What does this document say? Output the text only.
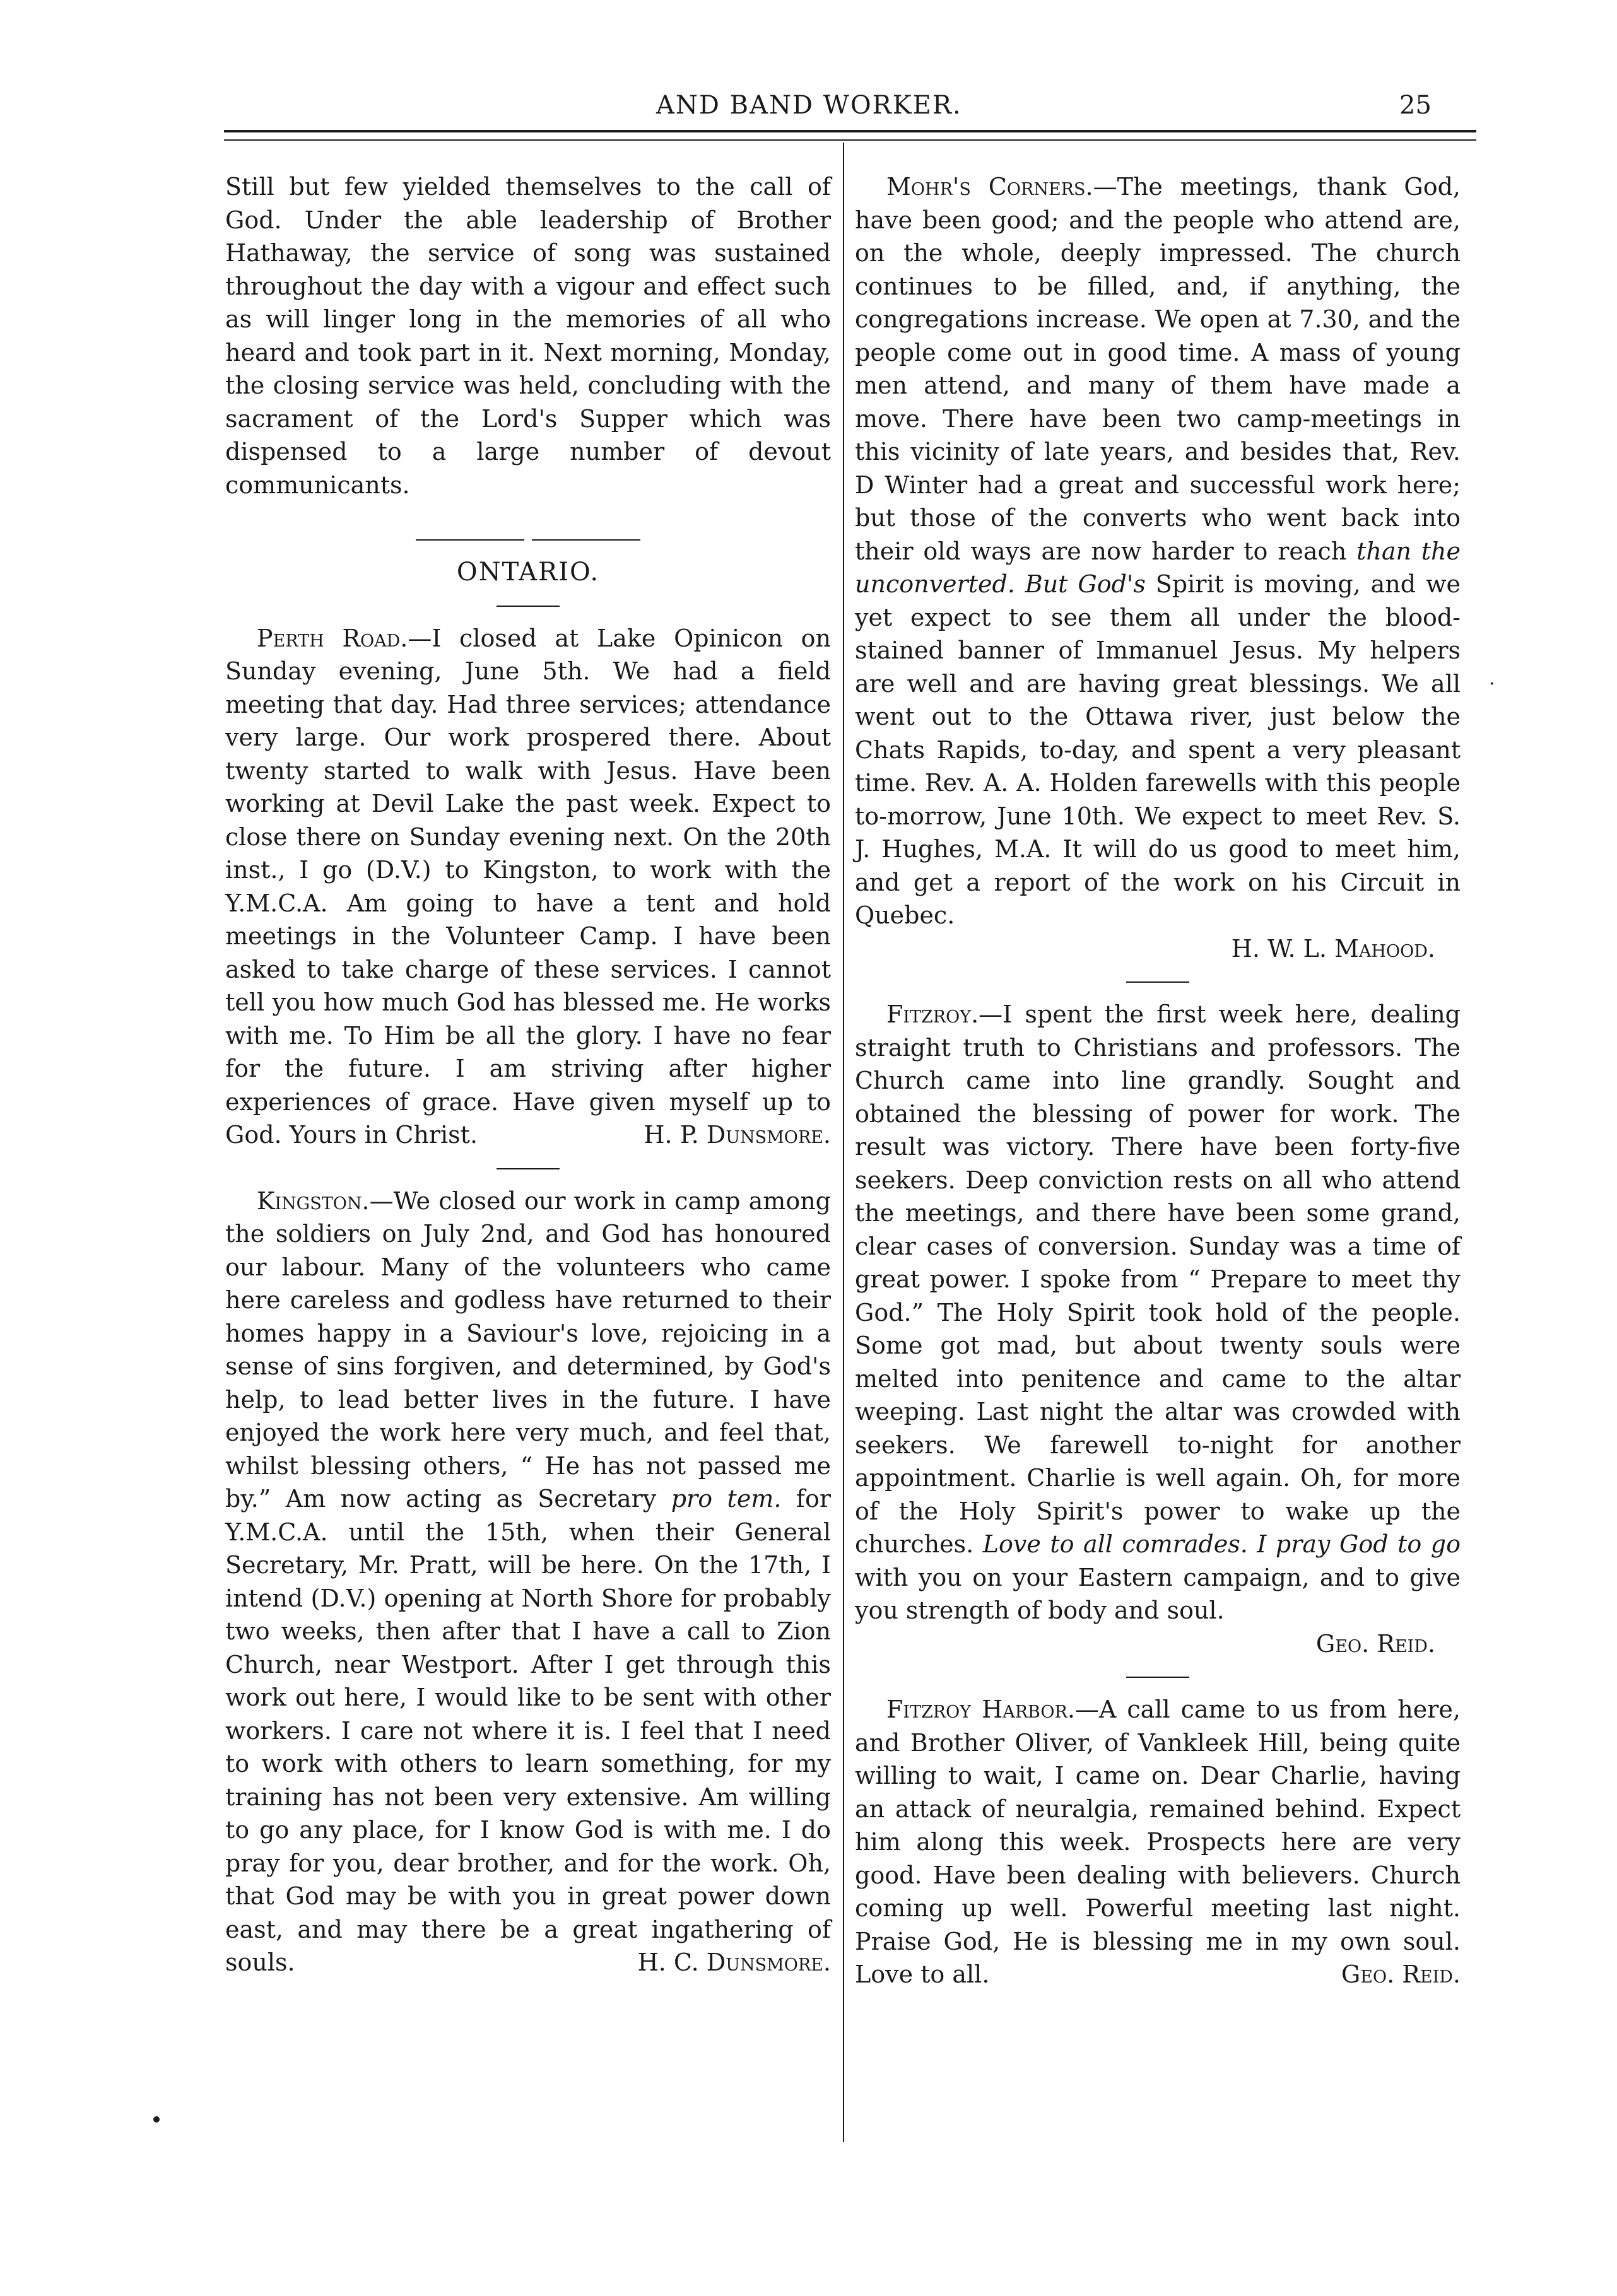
AND BAND WORKER.	25

Still but few yielded themselves to the call of God. Under the able leadership of Brother Hathaway, the service of song was sustained throughout the day with a vigour and effect such as will linger long in the memories of all who heard and took part in it. Next morning, Monday, the closing service was held, concluding with the sacrament of the Lord's Supper which was dispensed to a large number of devout communicants.

ONTARIO.

Perth Road.—I closed at Lake Opinicon on Sunday evening, June 5th. We had a field meeting that day. Had three services; attendance very large. Our work prospered there. About twenty started to walk with Jesus. Have been working at Devil Lake the past week. Expect to close there on Sunday evening next. On the 20th inst., I go (D.V.) to Kingston, to work with the Y.M.C.A. Am going to have a tent and hold meetings in the Volunteer Camp. I have been asked to take charge of these services. I cannot tell you how much God has blessed me. He works with me. To Him be all the glory. I have no fear for the future. I am striving after higher experiences of grace. Have given myself up to God. Yours in Christ.	H. P. Dunsmore.

Kingston.—We closed our work in camp among the soldiers on July 2nd, and God has honoured our labour. Many of the volunteers who came here careless and godless have returned to their homes happy in a Saviour's love, rejoicing in a sense of sins forgiven, and determined, by God's help, to lead better lives in the future. I have enjoyed the work here very much, and feel that, whilst blessing others, “ He has not passed me by.” Am now acting as Secretary pro tem. for Y.M.C.A. until the 15th, when their General Secretary, Mr. Pratt, will be here. On the 17th, I intend (D.V.) opening at North Shore for probably two weeks, then after that I have a call to Zion Church, near Westport. After I get through this work out here, I would like to be sent with other workers. I care not where it is. I feel that I need to work with others to learn something, for my training has not been very extensive. Am willing to go any place, for I know God is with me. I do pray for you, dear brother, and for the work. Oh, that God may be with you in great power down east, and may there be a great ingathering of souls.	H. C. Dunsmore.

Mohr's Corners.—The meetings, thank God, have been good; and the people who attend are, on the whole, deeply impressed. The church continues to be filled, and, if anything, the congregations increase. We open at 7.30, and the people come out in good time. A mass of young men attend, and many of them have made a move. There have been two camp-meetings in this vicinity of late years, and besides that, Rev. D Winter had a great and successful work here; but those of the converts who went back into their old ways are now harder to reach than the unconverted. But God's Spirit is moving, and we yet expect to see them all under the blood-stained banner of Immanuel Jesus. My helpers are well and are having great blessings. We all went out to the Ottawa river, just below the Chats Rapids, to-day, and spent a very pleasant time. Rev. A. A. Holden farewells with this people to-morrow, June 10th. We expect to meet Rev. S. J. Hughes, M.A. It will do us good to meet him, and get a report of the work on his Circuit in Quebec.

H. W. L. Mahood.

Fitzroy.—I spent the first week here, dealing straight truth to Christians and professors. The Church came into line grandly. Sought and obtained the blessing of power for work. The result was victory. There have been forty-five seekers. Deep conviction rests on all who attend the meetings, and there have been some grand, clear cases of conversion. Sunday was a time of great power. I spoke from “ Prepare to meet thy God.” The Holy Spirit took hold of the people. Some got mad, but about twenty souls were melted into penitence and came to the altar weeping. Last night the altar was crowded with seekers. We farewell to-night for another appointment. Charlie is well again. Oh, for more of the Holy Spirit's power to wake up the churches. Love to all comrades. I pray God to go with you on your Eastern campaign, and to give you strength of body and soul.

Geo. Reid.

Fitzroy Harbor.—A call came to us from here, and Brother Oliver, of Vankleek Hill, being quite willing to wait, I came on. Dear Charlie, having an attack of neuralgia, remained behind. Expect him along this week. Prospects here are very good. Have been dealing with believers. Church coming up well. Powerful meeting last night. Praise God, He is blessing me in my own soul. Love to all.	Geo. Reid.

·
